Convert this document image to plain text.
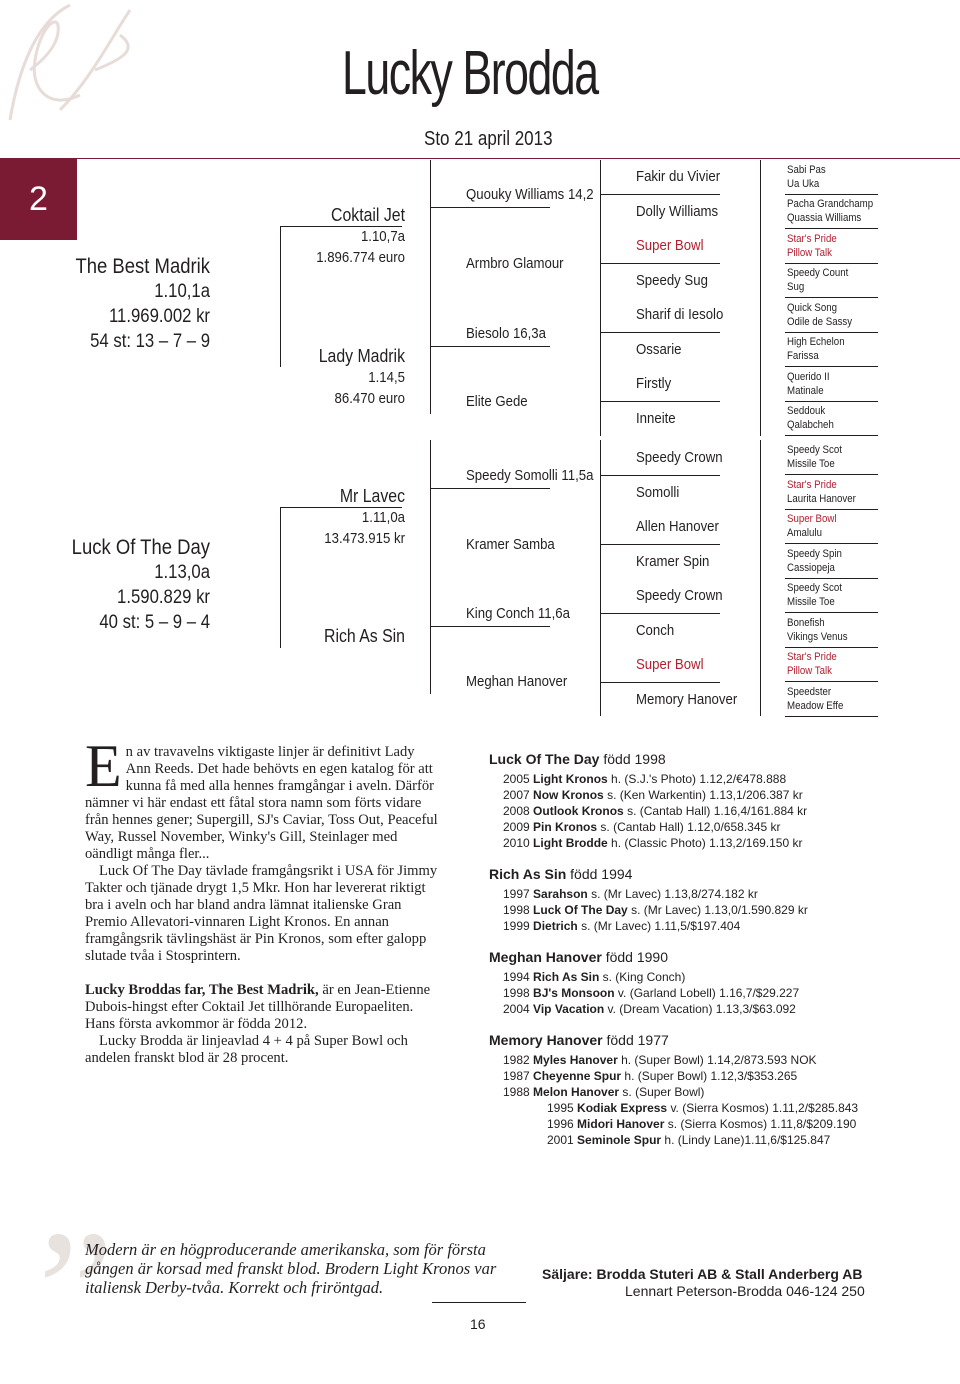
Lucky Brodda
Sto 21 april 2013
2
The Best Madrik
1.10,1a
11.969.002 kr
54 st: 13 – 7 – 9
Luck Of The Day
1.13,0a
1.590.829 kr
40 st: 5 – 9 – 4
Coktail Jet
1.10,7a
1.896.774 euro
Lady Madrik
1.14,5
86.470 euro
Mr Lavec
1.11,0a
13.473.915 kr
Rich As Sin
Quouky Williams 14,2
Armbro Glamour
Biesolo 16,3a
Elite Gede
Speedy Somolli 11,5a
Kramer Samba
King Conch 11,6a
Meghan Hanover
Fakir du Vivier
Dolly Williams
Super Bowl
Speedy Sug
Sharif di Iesolo
Ossarie
Firstly
Inneite
Speedy Crown
Somolli
Allen Hanover
Kramer Spin
Speedy Crown
Conch
Super Bowl
Memory Hanover
Sabi Pas
Ua Uka
Pacha Grandchamp
Quassia Williams
Star's Pride
Pillow Talk
Speedy Count
Sug
Quick Song
Odile de Sassy
High Echelon
Farissa
Querido II
Matinale
Seddouk
Qalabcheh
Speedy Scot
Missile Toe
Star's Pride
Laurita Hanover
Super Bowl
Amalulu
Speedy Spin
Cassiopeja
Speedy Scot
Missile Toe
Bonefish
Vikings Venus
Star's Pride
Pillow Talk
Speedster
Meadow Effe
E n av travavelns viktigaste linjer är definitivt Lady Ann Reeds. Det hade behövts en egen katalog för att kunna få med alla hennes framgångar i aveln. Därför nämner vi här endast ett fåtal stora namn som förts vidare från hennes gener; Supergill, SJ's Caviar, Toss Out, Peaceful Way, Russel November, Winky's Gill, Steinlager med oändligt många fler...

Luck Of The Day tävlade framgångsrikt i USA för Jimmy Takter och tjänade drygt 1,5 Mkr. Hon har levererat riktigt bra i aveln och har bland andra lämnat italienske Gran Premio Allevatori-vinnaren Light Kronos. En annan framgångsrik tävlingshäst är Pin Kronos, som efter galopp slutade tvåa i Stosprintern.

Lucky Broddas far, The Best Madrik, är en Jean-Etienne Dubois-hingst efter Coktail Jet tillhörande Europaeliten. Hans första avkommor är födda 2012.

Lucky Brodda är linjeavlad 4 + 4 på Super Bowl och andelen franskt blod är 28 procent.

Luck Of The Day född 1998
2005 Light Kronos h. (S.J.'s Photo) 1.12,2/€478.888
2007 Now Kronos s. (Ken Warkentin) 1.13,1/206.387 kr
2008 Outlook Kronos s. (Cantab Hall) 1.16,4/161.884 kr
2009 Pin Kronos s. (Cantab Hall) 1.12,0/658.345 kr
2010 Light Brodde h. (Classic Photo) 1.13,2/169.150 kr
Rich As Sin född 1994
1997 Sarahson s. (Mr Lavec) 1.13,8/274.182 kr
1998 Luck Of The Day s. (Mr Lavec) 1.13,0/1.590.829 kr
1999 Dietrich s. (Mr Lavec) 1.11,5/$197.404
Meghan Hanover född 1990
1994 Rich As Sin s. (King Conch)
1998 BJ's Monsoon v. (Garland Lobell) 1.16,7/$29.227
2004 Vip Vacation v. (Dream Vacation) 1.13,3/$63.092
Memory Hanover född 1977
1982 Myles Hanover h. (Super Bowl) 1.14,2/873.593 NOK
1987 Cheyenne Spur h. (Super Bowl) 1.12,3/$353.265
1988 Melon Hanover s. (Super Bowl)
1995 Kodiak Express v. (Sierra Kosmos) 1.11,2/$285.843
1996 Midori Hanover s. (Sierra Kosmos) 1.11,8/$209.190
2001 Seminole Spur h. (Lindy Lane)1.11,6/$125.847
”
Modern är en högproducerande amerikanska, som för första gången är korsad med franskt blod. Brodern Light Kronos var italiensk Derby-tvåa. Korrekt och friröntgad.
Säljare: Brodda Stuteri AB & Stall Anderberg AB
Lennart Peterson-Brodda 046-124 250
16
